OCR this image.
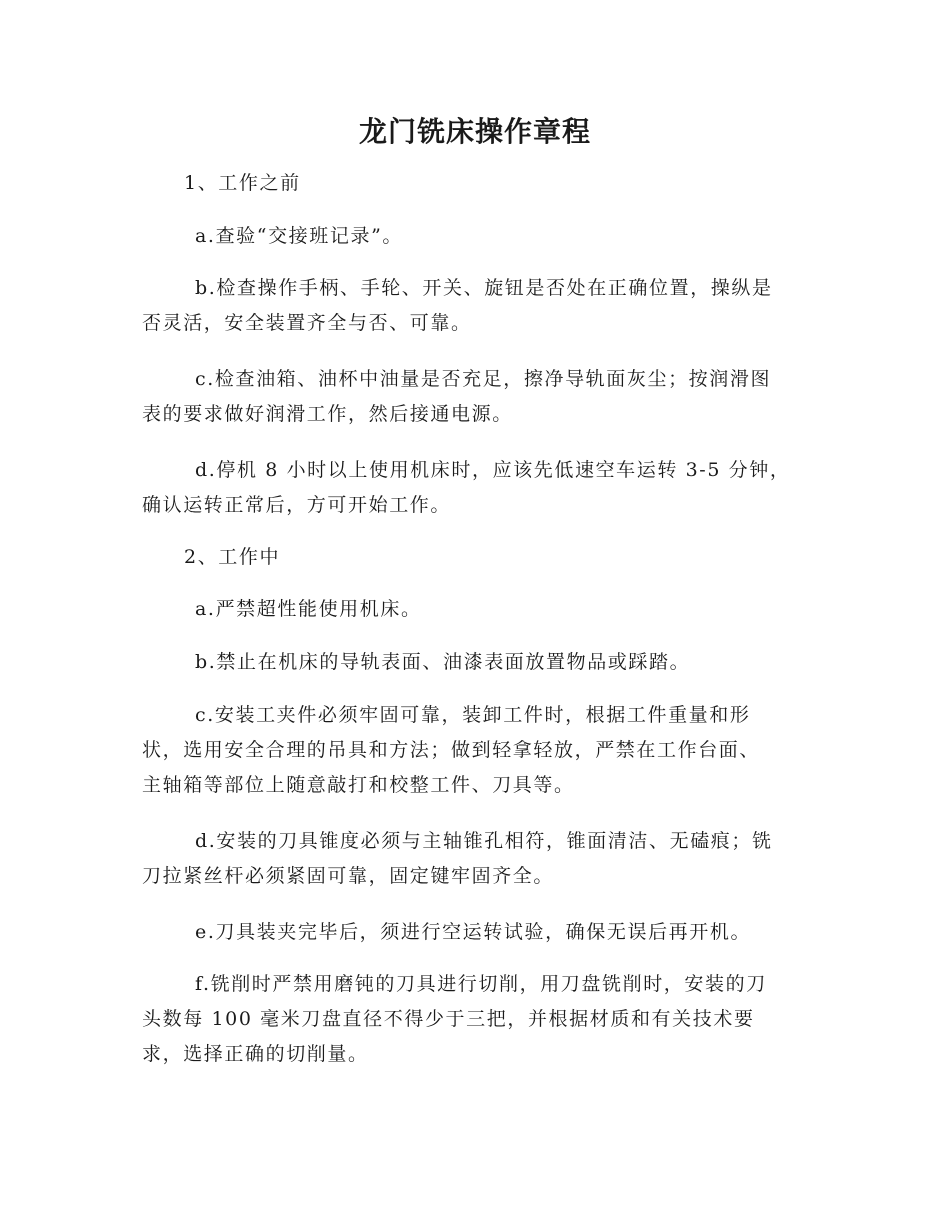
龙门铣床操作章程
1、工作之前
a.查验“交接班记录”。
b.检查操作手柄、手轮、开关、旋钮是否处在正确位置，操纵是
否灵活，安全装置齐全与否、可靠。
c.检查油箱、油杯中油量是否充足，擦净导轨面灰尘；按润滑图
表的要求做好润滑工作，然后接通电源。
d.停机 8 小时以上使用机床时，应该先低速空车运转 3-5 分钟，
确认运转正常后，方可开始工作。
2、工作中
a.严禁超性能使用机床。
b.禁止在机床的导轨表面、油漆表面放置物品或踩踏。
c.安装工夹件必须牢固可靠，装卸工件时，根据工件重量和形
状，选用安全合理的吊具和方法；做到轻拿轻放，严禁在工作台面、
主轴箱等部位上随意敲打和校整工件、刀具等。
d.安装的刀具锥度必须与主轴锥孔相符，锥面清洁、无磕痕；铣
刀拉紧丝杆必须紧固可靠，固定键牢固齐全。
e.刀具装夹完毕后，须进行空运转试验，确保无误后再开机。
f.铣削时严禁用磨钝的刀具进行切削，用刀盘铣削时，安装的刀
头数每 100 毫米刀盘直径不得少于三把，并根据材质和有关技术要
求，选择正确的切削量。
